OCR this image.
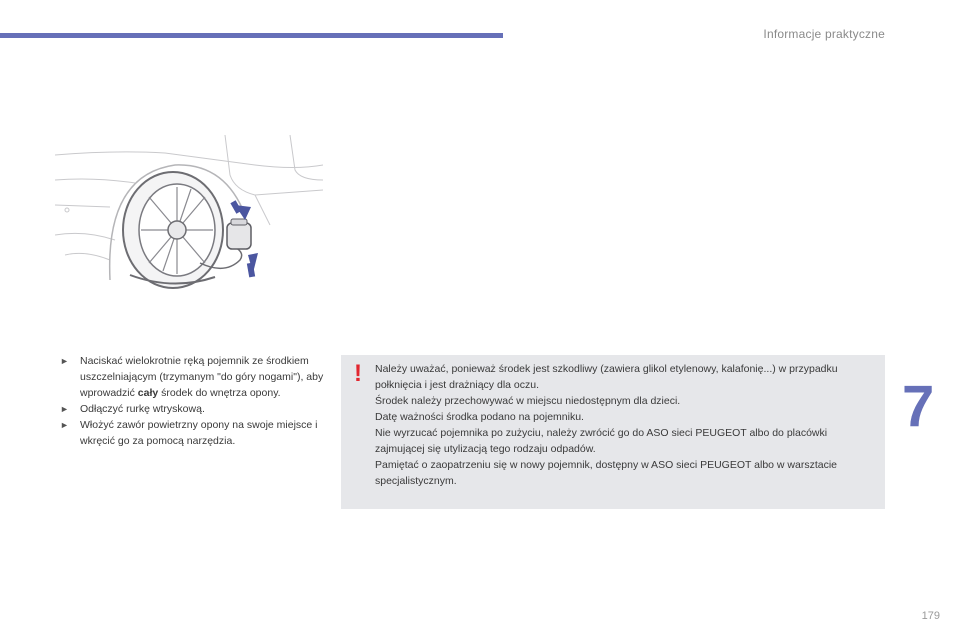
Informacje praktyczne
► Naciskać wielokrotnie ręką pojemnik ze środkiem uszczelniającym (trzymanym "do góry nogami"), aby wprowadzić cały środek do wnętrza opony.
► Odłączyć rurkę wtryskową.
► Włożyć zawór powietrzny opony na swoje miejsce i wkręcić go za pomocą narzędzia.
! Należy uważać, ponieważ środek jest szkodliwy (zawiera glikol etylenowy, kalafonię...) w przypadku połknięcia i jest drażniący dla oczu.

Środek należy przechowywać w miejscu niedostępnym dla dzieci.

Datę ważności środka podano na pojemniku.

Nie wyrzucać pojemnika po zużyciu, należy zwrócić go do ASO sieci PEUGEOT albo do placówki zajmującej się utylizacją tego rodzaju odpadów.

Pamiętać o zaopatrzeniu się w nowy pojemnik, dostępny w ASO sieci PEUGEOT albo w warsztacie specjalistycznym.

7
179
